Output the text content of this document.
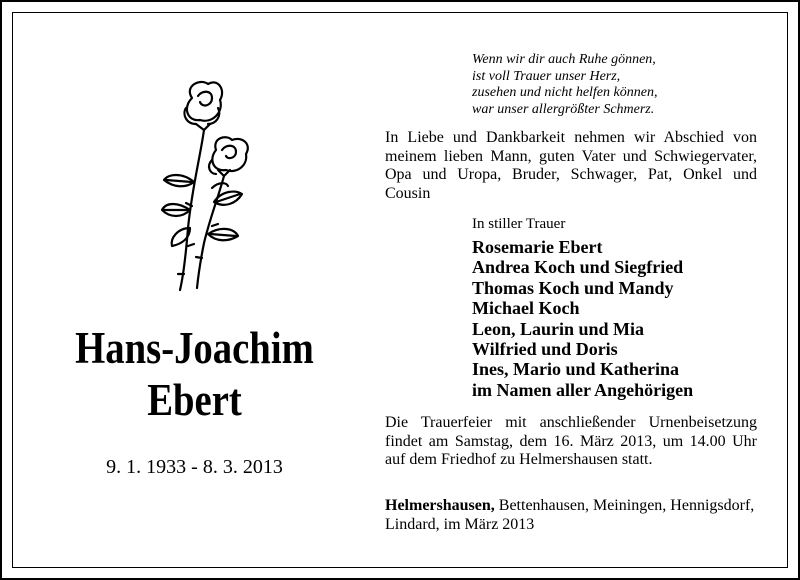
Hans-Joachim
Ebert
9. 1. 1933 - 8. 3. 2013
Wenn wir dir auch Ruhe gönnen,
ist voll Trauer unser Herz,
zusehen und nicht helfen können,
war unser allergrößter Schmerz.
In Liebe und Dankbarkeit nehmen wir Abschied von meinem lieben Mann, guten Vater und Schwiegervater, Opa und Uropa, Bruder, Schwager, Pat, Onkel und Cousin
In stiller Trauer
Rosemarie Ebert
Andrea Koch und Siegfried
Thomas Koch und Mandy
Michael Koch
Leon, Laurin und Mia
Wilfried und Doris
Ines, Mario und Katherina
im Namen aller Angehörigen
Die Trauerfeier mit anschließender Urnenbeisetzung findet am Samstag, dem 16. März 2013, um 14.00 Uhr auf dem Friedhof zu Helmershausen statt.
Helmershausen, Bettenhausen, Meiningen, Hennigsdorf, Lindard, im März 2013
